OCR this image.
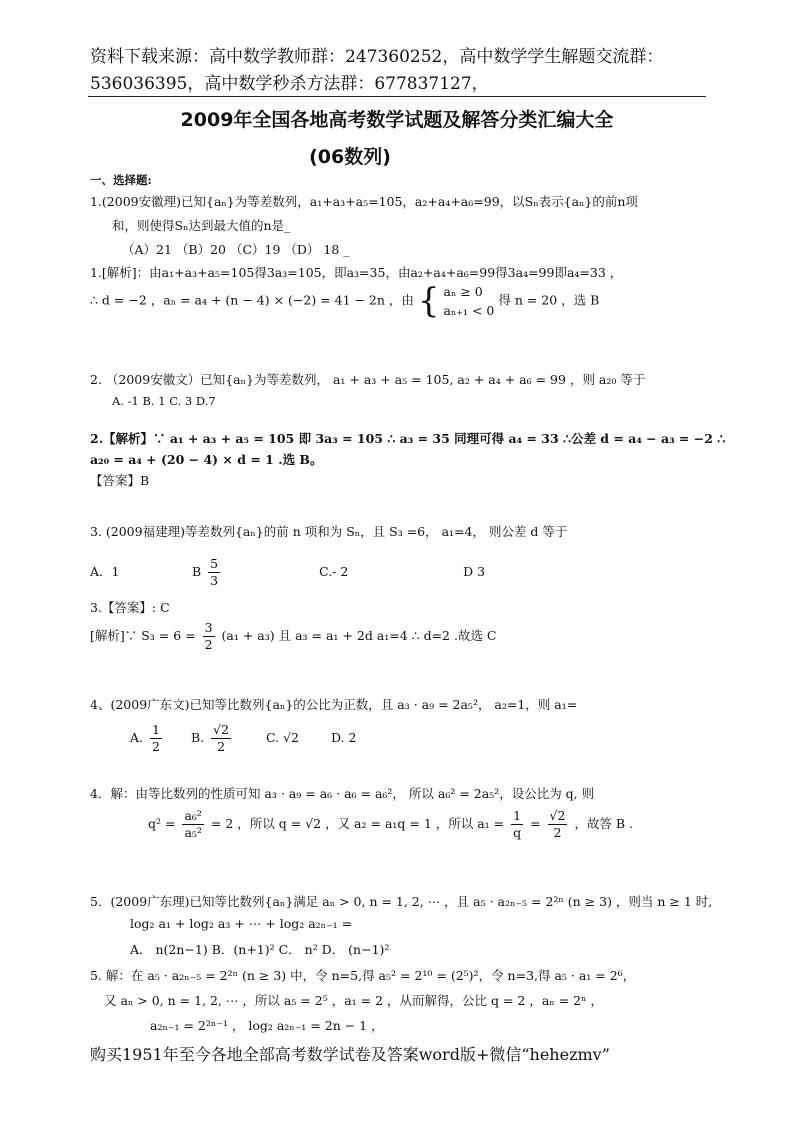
资料下载来源：高中数学教师群：247360252，高中数学学生解题交流群：
536036395，高中数学秒杀方法群：677837127，
2009年全国各地高考数学试题及解答分类汇编大全
(06数列)
一、选择题:
1.(2009安徽理)已知{aₙ}为等差数列，a₁+a₃+a₅=105，a₂+a₄+a₆=99，以Sₙ表示{aₙ}的前n项
和，则使得Sₙ达到最大值的n是_
（A）21 （B）20 （C）19 （D） 18 _
1.[解析]：由a₁+a₃+a₅=105得3a₃=105，即a₃=35，由a₂+a₄+a₆=99得3a₄=99即a₄=33 ，
∴ d = −2 ，aₙ = a₄ + (n − 4) × (−2) = 41 − 2n ，由 { aₙ ≥ 0
aₙ₊₁ < 0
得 n = 20 ，选 B
2. （2009安徽文）已知{aₙ}为等差数列， a₁ + a₃ + a₅ = 105, a₂ + a₄ + a₆ = 99 ，则 a₂₀ 等于
A. -1 B. 1 C. 3 D.7
2.【解析】∵ a₁ + a₃ + a₅ = 105 即 3a₃ = 105 ∴ a₃ = 35 同理可得 a₄ = 33 ∴公差 d = a₄ − a₃ = −2 ∴
a₂₀ = a₄ + (20 − 4) × d = 1 .选 B。
【答案】B
3. (2009福建理)等差数列{aₙ}的前 n 项和为 Sₙ，且 S₃ =6， a₁=4， 则公差 d 等于
A．1	B $\frac{5}{3}$	C.- 2	D 3
3.【答案】: C
[解析]∵ $S_3 = 6 = \frac{3}{2} (a_1 + a_3)$ 且 a₃ = a₁ + 2d a₁=4 ∴ d=2 .故选 C
4、(2009广东文)已知等比数列{aₙ}的公比为正数，且 a₃ · a₉ = 2a₅²， a₂=1，则 a₁=
A. $\frac{1}{2} B$. $\frac{√2}{2}$	C. √2	D. 2
4．解：由等比数列的性质可知 a₃ · a₉ = a₆ · a₆ = a₆²， 所以 a₆² = 2a₅²，设公比为 q, 则
$q^2 = \frac{\text{a₆²}}{\text{a₅²}} = 2$ ，所以 q = √2 ，又 a₂ = a₁q = 1 ，所以 $a_1 = \frac{1}{q} = \frac{√2}{2}$ ，故答 B .
5．(2009广东理)已知等比数列{aₙ}满足 aₙ > 0, n = 1, 2, ⋯ ，且 a₅ · a₂ₙ₋₅ = 2²ⁿ (n ≥ 3) ，则当 n ≥ 1 时,
log₂ a₁ + log₂ a₃ + ⋯ + log₂ a₂ₙ₋₁ =
A． n(2n−1) B．(n+1)² C． n² D． (n−1)²
5. 解：在 a₅ · a₂ₙ₋₅ = 2²ⁿ (n ≥ 3) 中，令 n=5,得 a₅² = 2¹⁰ = (2⁵)²，令 n=3,得 a₅ · a₁ = 2⁶，
又 aₙ > 0, n = 1, 2, ⋯ ，所以 a₅ = 2⁵ ，a₁ = 2 ，从而解得，公比 q = 2 ，aₙ = 2ⁿ ，
a₂ₙ₋₁ = 2²ⁿ⁻¹ ， log₂ a₂ₙ₋₁ = 2n − 1 ，
购买1951年至今各地全部高考数学试卷及答案word版+微信“hehezmv”
